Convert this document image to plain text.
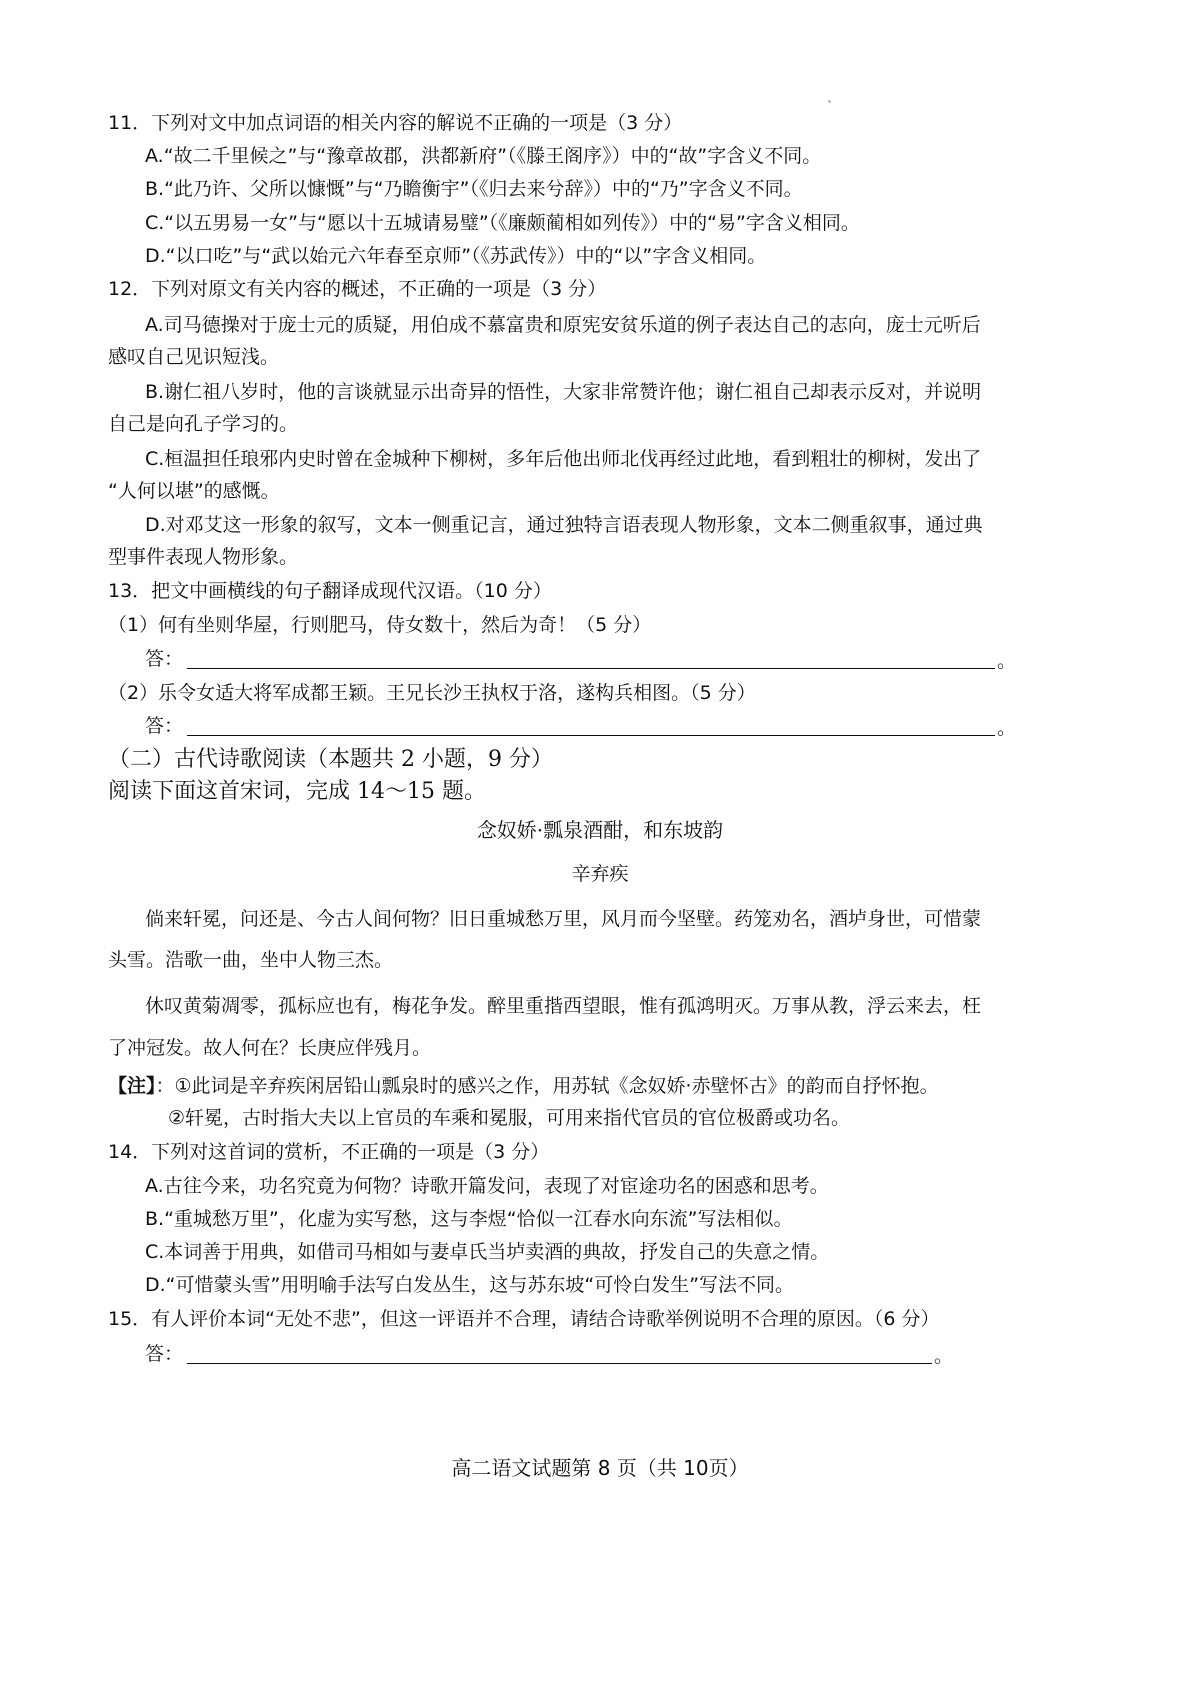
11．下列对文中加点词语的相关内容的解说不正确的一项是（3 分）
A.“故二千里候之”与“豫章故郡，洪都新府”（《滕王阁序》）中的“故”字含义不同。
B.“此乃许、父所以慷慨”与“乃瞻衡宇”（《归去来兮辞》）中的“乃”字含义不同。
C.“以五男易一女”与“愿以十五城请易璧”（《廉颇蔺相如列传》）中的“易”字含义相同。
D.“以口吃”与“武以始元六年春至京师”（《苏武传》）中的“以”字含义相同。
12．下列对原文有关内容的概述，不正确的一项是（3 分）
A.司马德操对于庞士元的质疑，用伯成不慕富贵和原宪安贫乐道的例子表达自己的志向，庞士元听后
感叹自己见识短浅。
B.谢仁祖八岁时，他的言谈就显示出奇异的悟性，大家非常赞许他；谢仁祖自己却表示反对，并说明
自己是向孔子学习的。
C.桓温担任琅邪内史时曾在金城种下柳树，多年后他出师北伐再经过此地，看到粗壮的柳树，发出了
“人何以堪”的感慨。
D.对邓艾这一形象的叙写，文本一侧重记言，通过独特言语表现人物形象，文本二侧重叙事，通过典
型事件表现人物形象。
13．把文中画横线的句子翻译成现代汉语。（10 分）
（1）何有坐则华屋，行则肥马，侍女数十，然后为奇！（5 分）
答：	。
（2）乐令女适大将军成都王颖。王兄长沙王执权于洛，遂构兵相图。（5 分）
答：	。
（二）古代诗歌阅读（本题共 2 小题，9 分）
阅读下面这首宋词，完成 14～15 题。
念奴娇·瓢泉酒酣，和东坡韵
辛弃疾
倘来轩冕，问还是、今古人间何物？旧日重城愁万里，风月而今坚壁。药笼劝名，酒垆身世，可惜蒙
头雪。浩歌一曲，坐中人物三杰。
休叹黄菊凋零，孤标应也有，梅花争发。醉里重揩西望眼，惟有孤鸿明灭。万事从教，浮云来去，枉
了冲冠发。故人何在？长庚应伴残月。
【注】：①此词是辛弃疾闲居铅山瓢泉时的感兴之作，用苏轼《念奴娇·赤壁怀古》的韵而自抒怀抱。
②轩冕，古时指大夫以上官员的车乘和冕服，可用来指代官员的官位极爵或功名。
14．下列对这首词的赏析，不正确的一项是（3 分）
A.古往今来，功名究竟为何物？诗歌开篇发问，表现了对宦途功名的困惑和思考。
B.“重城愁万里”，化虚为实写愁，这与李煜“恰似一江春水向东流”写法相似。
C.本词善于用典，如借司马相如与妻卓氏当垆卖酒的典故，抒发自己的失意之情。
D.“可惜蒙头雪”用明喻手法写白发丛生，这与苏东坡“可怜白发生”写法不同。
15．有人评价本词“无处不悲”，但这一评语并不合理，请结合诗歌举例说明不合理的原因。（6 分）
答：	。
高二语文试题第 8 页（共 10页）
